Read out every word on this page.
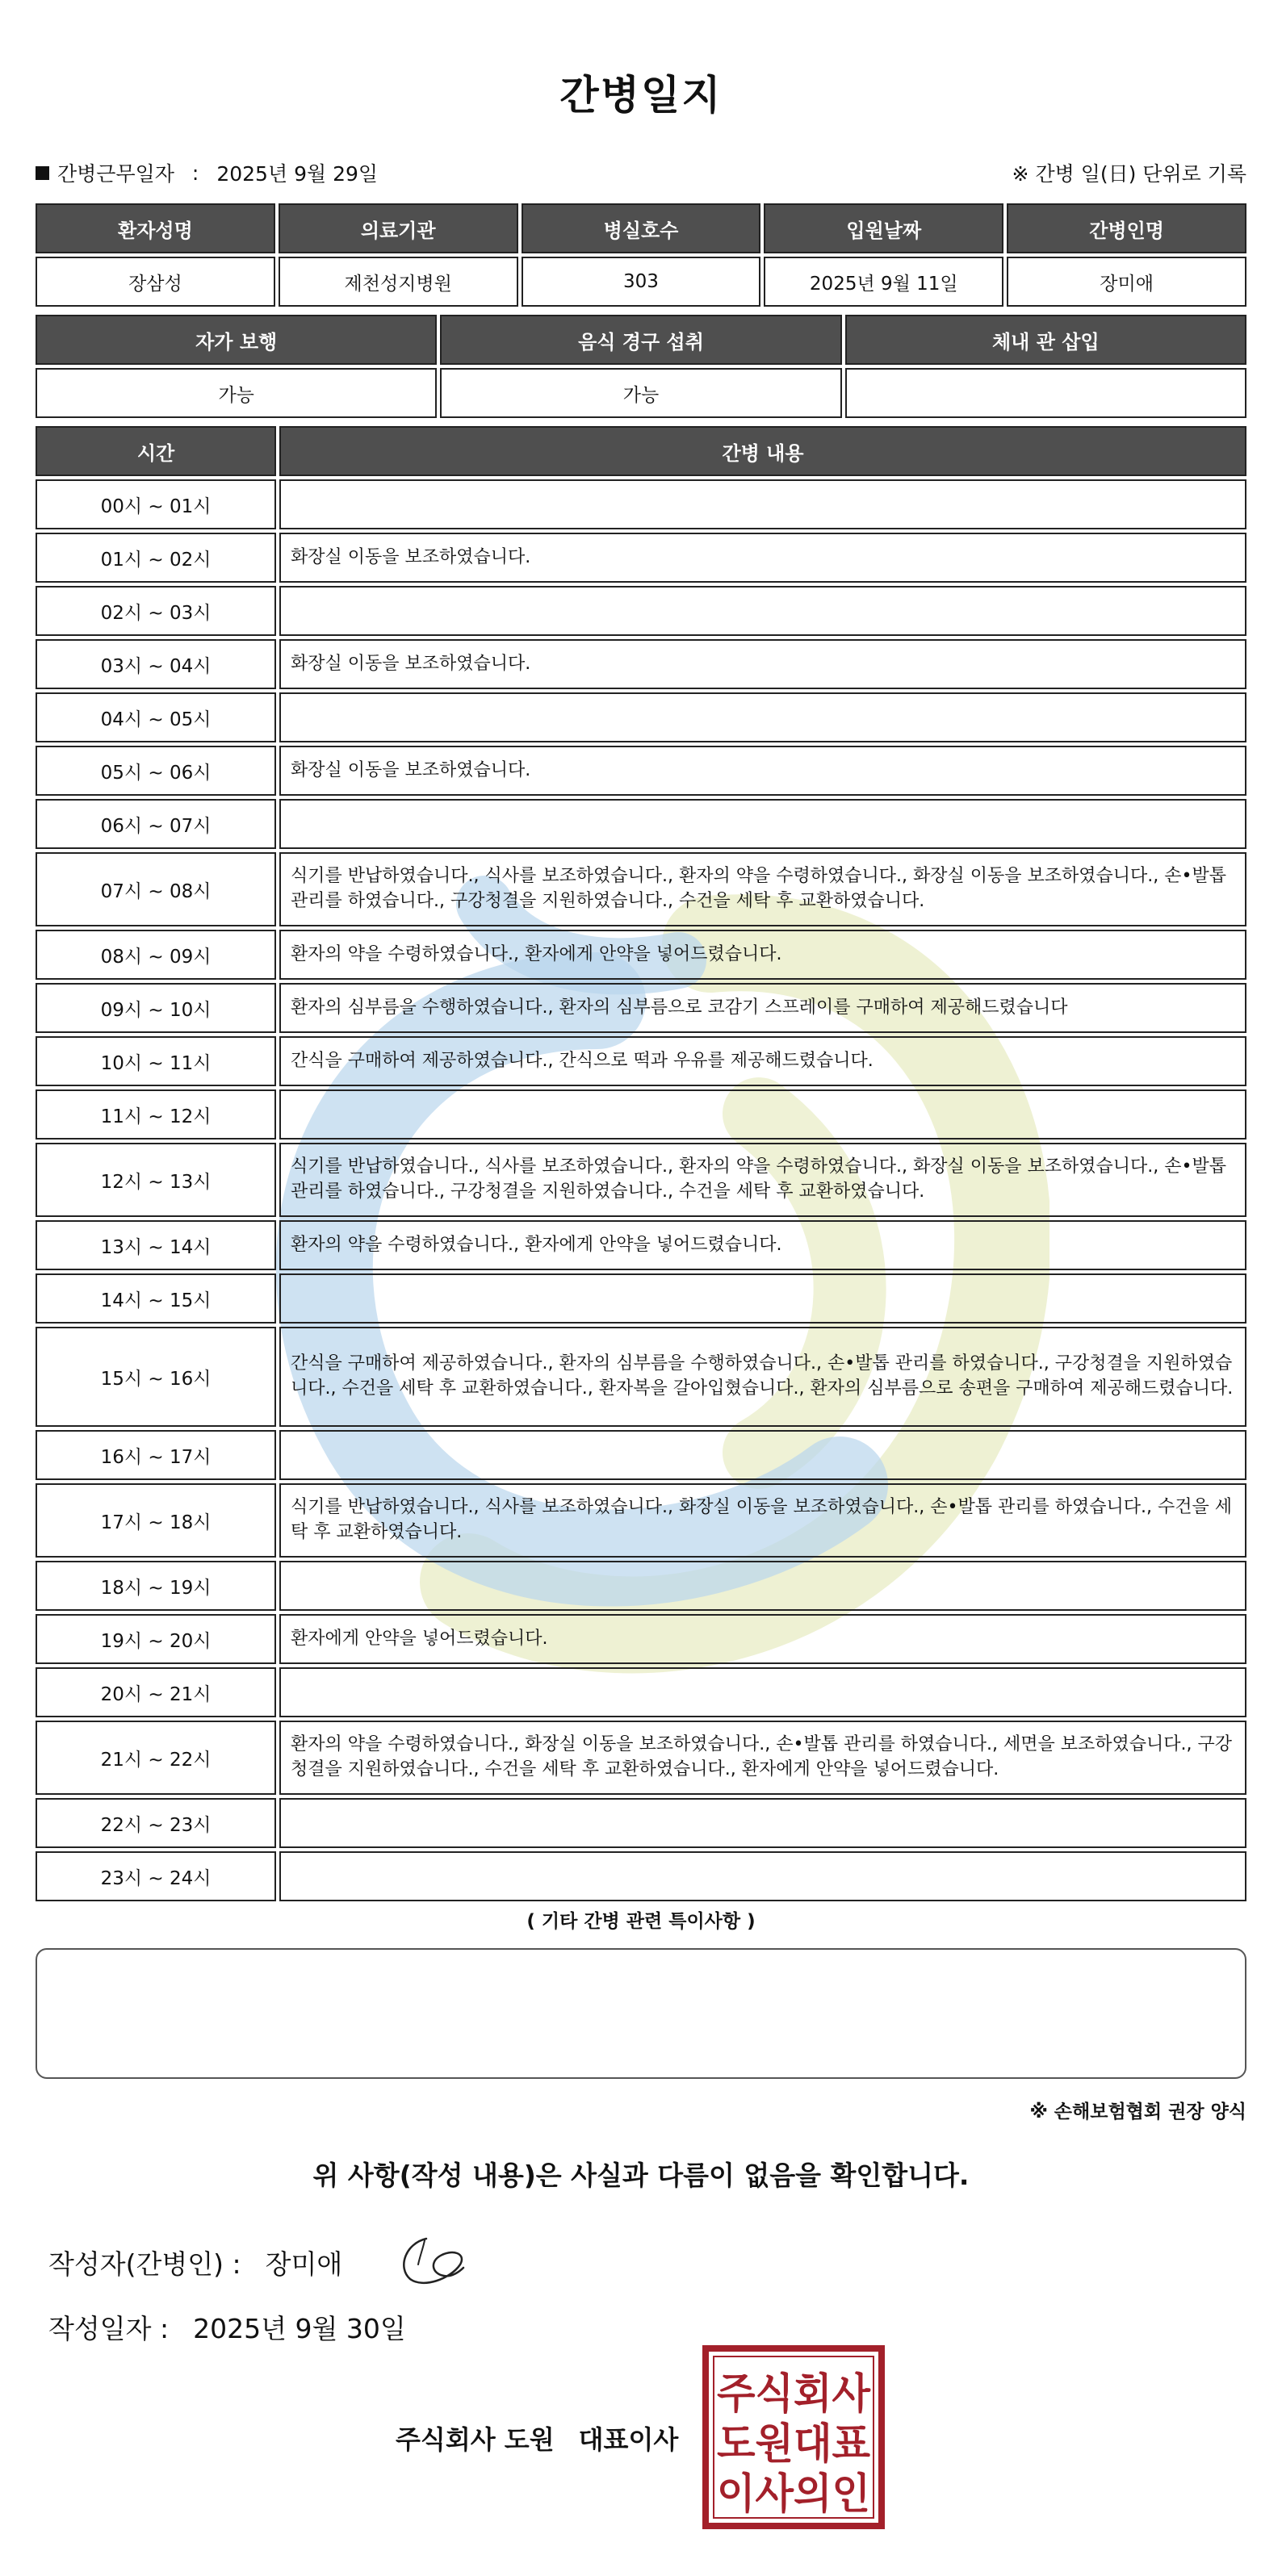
간병일지
간병근무일자 : 2025년 9월 29일	※ 간병 일(日) 단위로 기록
환자성명	의료기관	병실호수	입원날짜	간병인명
장삼성	제천성지병원	303	2025년 9월 11일	장미애
자가 보행	음식 경구 섭취	체내 관 삽입
가능	가능	
시간	간병 내용
00시 ~ 01시	
01시 ~ 02시	화장실 이동을 보조하였습니다.
02시 ~ 03시	
03시 ~ 04시	화장실 이동을 보조하였습니다.
04시 ~ 05시	
05시 ~ 06시	화장실 이동을 보조하였습니다.
06시 ~ 07시	
07시 ~ 08시	식기를 반납하였습니다., 식사를 보조하였습니다., 환자의 약을 수령하였습니다., 화장실 이동을 보조하였습니다., 손•발톱 관리를 하였습니다., 구강청결을 지원하였습니다., 수건을 세탁 후 교환하였습니다.
08시 ~ 09시	환자의 약을 수령하였습니다., 환자에게 안약을 넣어드렸습니다.
09시 ~ 10시	환자의 심부름을 수행하였습니다., 환자의 심부름으로 코감기 스프레이를 구매하여 제공해드렸습니다
10시 ~ 11시	간식을 구매하여 제공하였습니다., 간식으로 떡과 우유를 제공해드렸습니다.
11시 ~ 12시	
12시 ~ 13시	식기를 반납하였습니다., 식사를 보조하였습니다., 환자의 약을 수령하였습니다., 화장실 이동을 보조하였습니다., 손•발톱 관리를 하였습니다., 구강청결을 지원하였습니다., 수건을 세탁 후 교환하였습니다.
13시 ~ 14시	환자의 약을 수령하였습니다., 환자에게 안약을 넣어드렸습니다.
14시 ~ 15시	
15시 ~ 16시	간식을 구매하여 제공하였습니다., 환자의 심부름을 수행하였습니다., 손•발톱 관리를 하였습니다., 구강청결을 지원하였습니다., 수건을 세탁 후 교환하였습니다., 환자복을 갈아입혔습니다., 환자의 심부름으로 송편을 구매하여 제공해드렸습니다.
16시 ~ 17시	
17시 ~ 18시	식기를 반납하였습니다., 식사를 보조하였습니다., 화장실 이동을 보조하였습니다., 손•발톱 관리를 하였습니다., 수건을 세탁 후 교환하였습니다.
18시 ~ 19시	
19시 ~ 20시	환자에게 안약을 넣어드렸습니다.
20시 ~ 21시	
21시 ~ 22시	환자의 약을 수령하였습니다., 화장실 이동을 보조하였습니다., 손•발톱 관리를 하였습니다., 세면을 보조하였습니다., 구강청결을 지원하였습니다., 수건을 세탁 후 교환하였습니다., 환자에게 안약을 넣어드렸습니다.
22시 ~ 23시	
23시 ~ 24시	
( 기타 간병 관련 특이사항 )
※ 손해보험협회 권장 양식
위 사항(작성 내용)은 사실과 다름이 없음을 확인합니다.
작성자(간병인) : 장미애
작성일자 : 2025년 9월 30일
주식회사 도원 대표이사
주식회사
도원대표
이사의인
